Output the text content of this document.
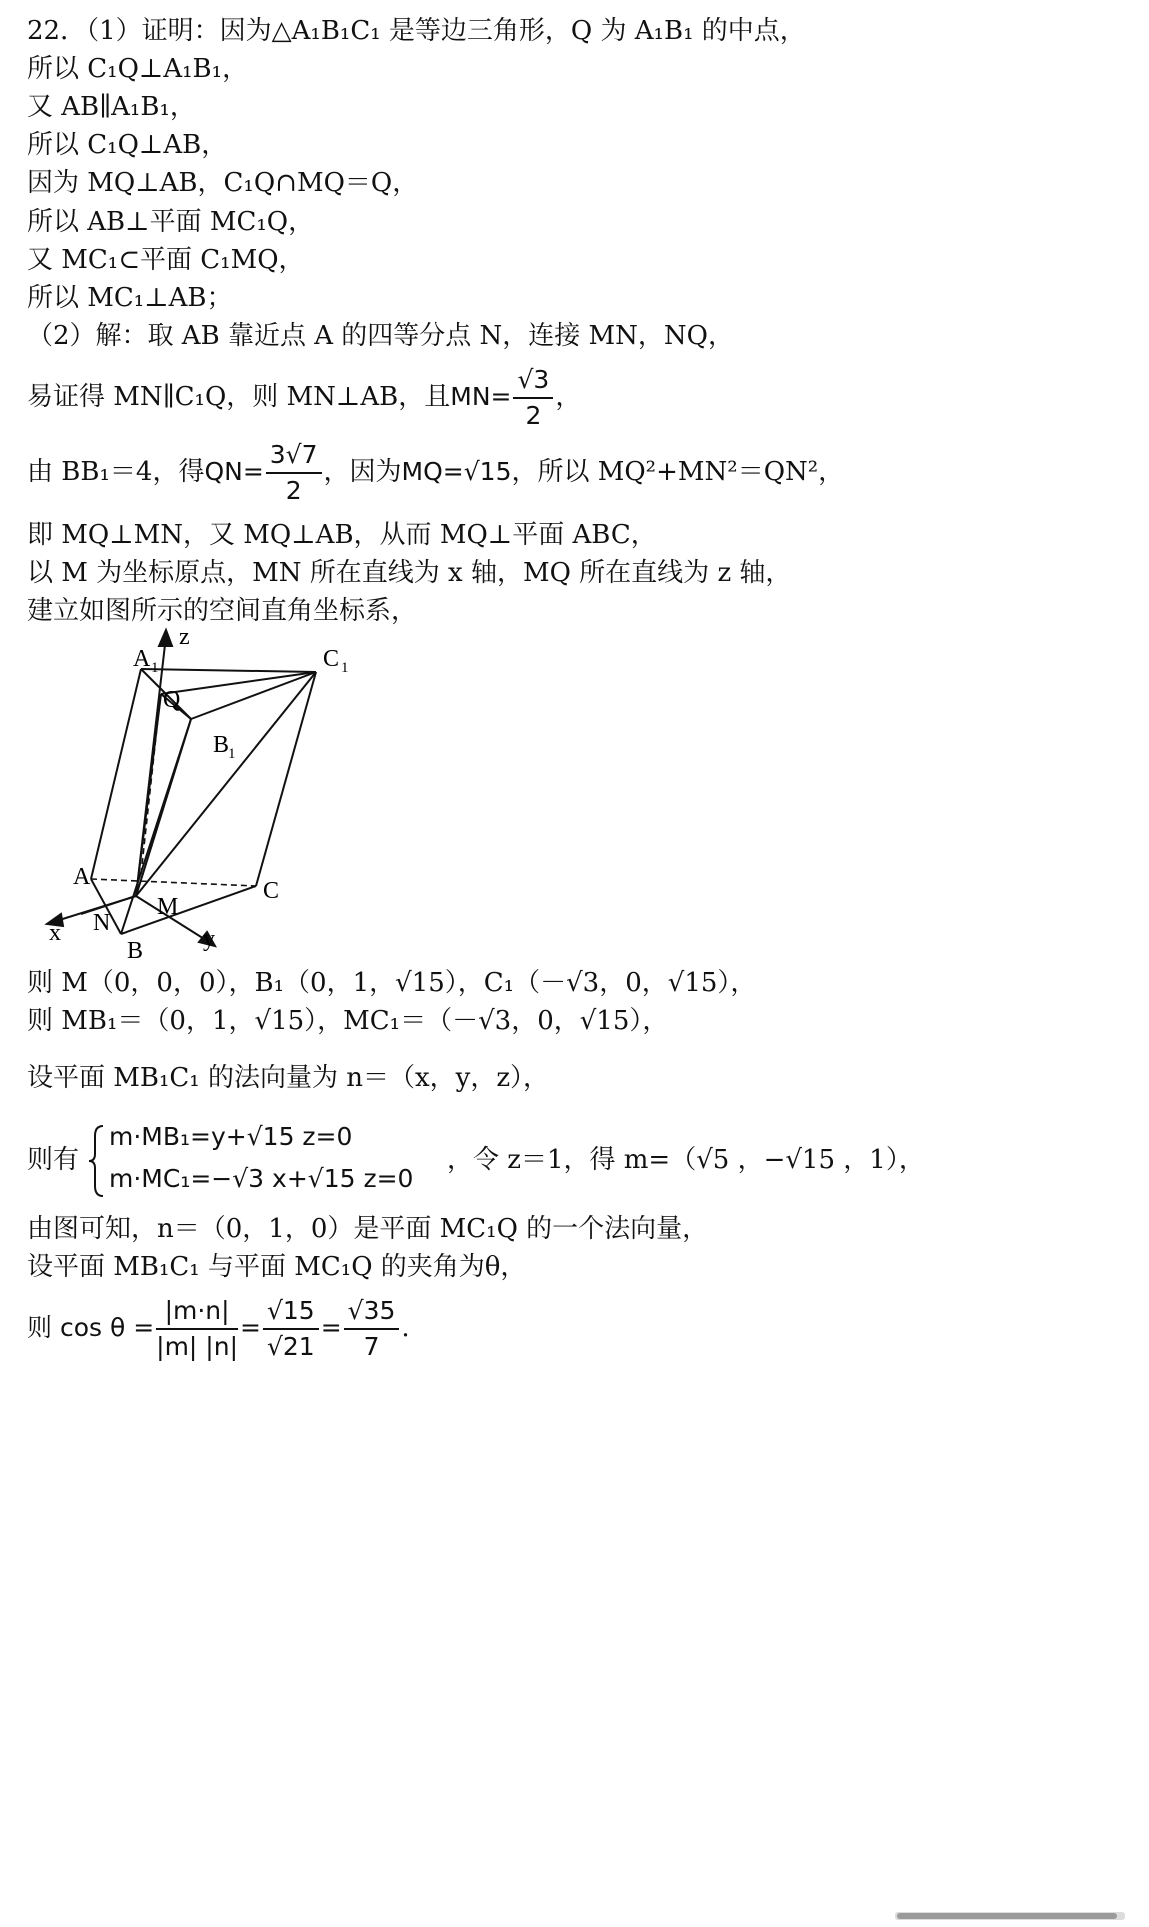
22．（1）证明：因为△A₁B₁C₁ 是等边三角形，Q 为 A₁B₁ 的中点，
所以 C₁Q⊥A₁B₁，
又 AB∥A₁B₁，
所以 C₁Q⊥AB，
因为 MQ⊥AB，C₁Q∩MQ＝Q，
所以 AB⊥平面 MC₁Q，
又 MC₁⊂平面 C₁MQ，
所以 MC₁⊥AB；
（2）解：取 AB 靠近点 A 的四等分点 N，连接 MN，NQ，
易证得 MN∥C₁Q，则 MN⊥AB，且$MN= \frac{√3}{2}$ ，
由 BB₁＝4，得$QN= \frac{3√7}{2}$ ，因为MQ=√15，所以 MQ²+MN²＝QN²，
即 MQ⊥MN，又 MQ⊥AB，从而 MQ⊥平面 ABC，
以 M 为坐标原点，MN 所在直线为 x 轴，MQ 所在直线为 z 轴，
建立如图所示的空间直角坐标系，
z
A 1	C 1
Q
B
1
A
C
M
N
x
B y
则 M（0，0，0），B₁（0，1，√15），C₁（－√3，0，√15），
则 MB₁＝（0，1，√15），MC₁＝（－√3，0，√15），
设平面 MB₁C₁ 的法向量为 n＝（x，y，z），
则有
m·MB₁=y+√15 z=0
m·MC₁=−√3 x+√15 z=0
，令 z＝1，得 m=（√5 ，−√15 ，1），
由图可知，n＝（0，1，0）是平面 MC₁Q 的一个法向量，
设平面 MB₁C₁ 与平面 MC₁Q 的夹角为θ，
则 $\cos \theta = \frac{|m\cdot n|}{|m| |n|} = \frac{√15}{√21} = \frac{√35}{7}$ .
